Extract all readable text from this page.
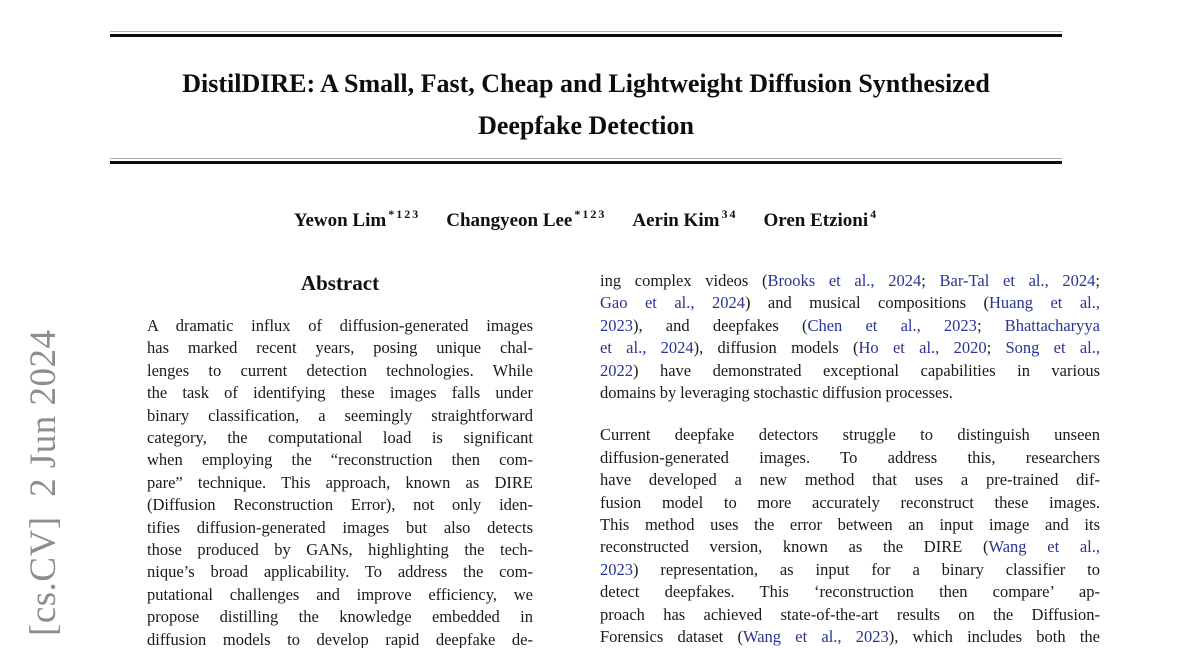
[cs.CV]  2 Jun 2024
DistilDIRE: A Small, Fast, Cheap and Lightweight Diffusion Synthesized
Deepfake Detection
Yewon Lim $^{*123}$ Changyeon Lee $^{*123}$ Aerin Kim $^{34}$ Oren Etzioni $^4$
Abstract
A dramatic influx of diffusion-generated images
has marked recent years, posing unique chal-
lenges to current detection technologies. While
the task of identifying these images falls under
binary classification, a seemingly straightforward
category, the computational load is significant
when employing the “reconstruction then com-
pare” technique. This approach, known as DIRE
(Diffusion Reconstruction Error), not only iden-
tifies diffusion-generated images but also detects
those produced by GANs, highlighting the tech-
nique’s broad applicability. To address the com-
putational challenges and improve efficiency, we
propose distilling the knowledge embedded in
diffusion models to develop rapid deepfake de-
ing complex videos (Brooks et al., 2024; Bar-Tal et al., 2024;
Gao et al., 2024) and musical compositions (Huang et al.,
2023), and deepfakes (Chen et al., 2023; Bhattacharyya
et al., 2024), diffusion models (Ho et al., 2020; Song et al.,
2022) have demonstrated exceptional capabilities in various
domains by leveraging stochastic diffusion processes.
Current deepfake detectors struggle to distinguish unseen
diffusion-generated images. To address this, researchers
have developed a new method that uses a pre-trained dif-
fusion model to more accurately reconstruct these images.
This method uses the error between an input image and its
reconstructed version, known as the DIRE (Wang et al.,
2023) representation, as input for a binary classifier to
detect deepfakes. This ‘reconstruction then compare’ ap-
proach has achieved state-of-the-art results on the Diffusion-
Forensics dataset (Wang et al., 2023), which includes both the
